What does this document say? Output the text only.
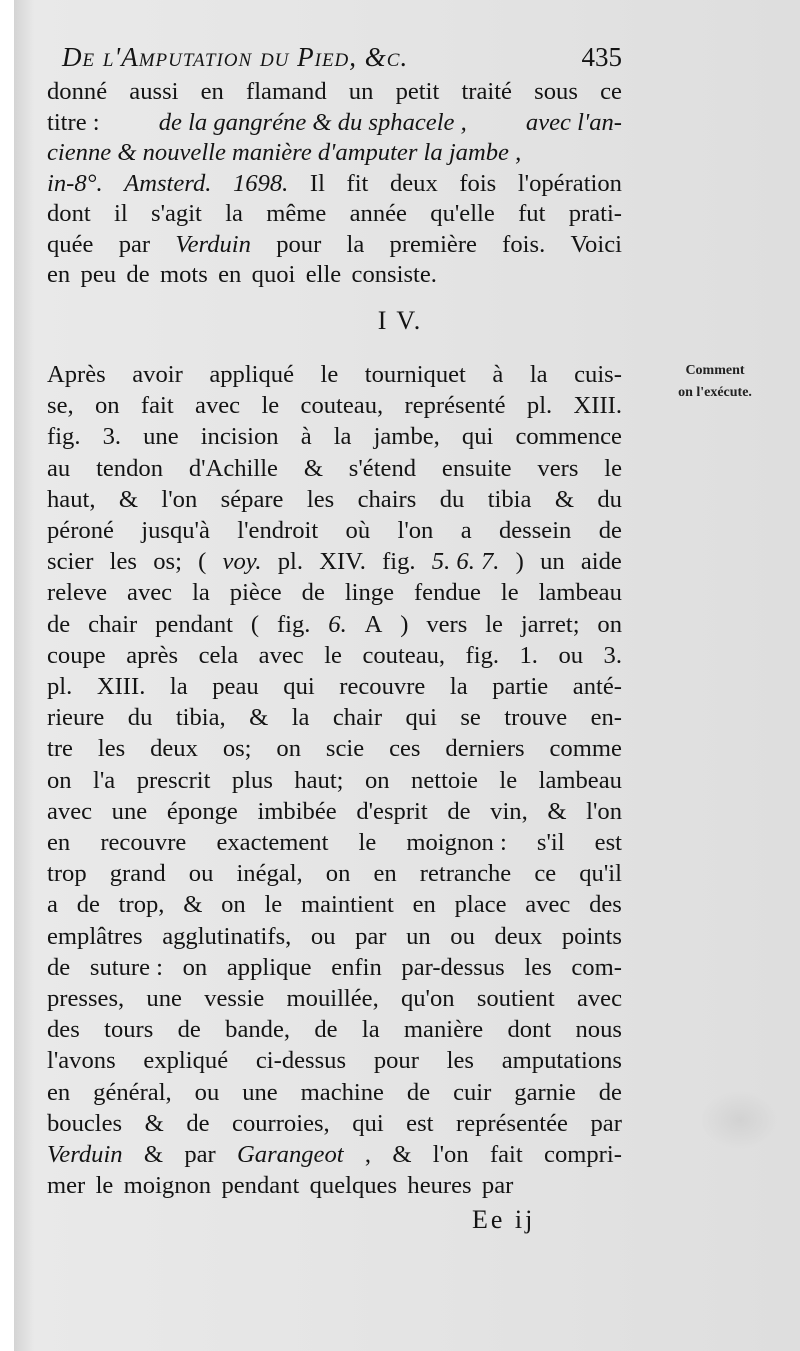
De l'Amputation du Pied, &c.	435
donné aussi en flamand un petit traité sous ce
titre : de la gangréne & du sphacele , avec l'an-
cienne & nouvelle manière d'amputer la jambe ,
in-8°. Amsterd. 1698. Il fit deux fois l'opération
dont il s'agit la même année qu'elle fut prati-
quée par Verduin pour la première fois. Voici
en peu de mots en quoi elle consiste.
I V.
Comment
on l'exécute.
Après avoir appliqué le tourniquet à la cuis-
se, on fait avec le couteau, représenté pl. XIII.
fig. 3. une incision à la jambe, qui commence
au tendon d'Achille & s'étend ensuite vers le
haut, & l'on sépare les chairs du tibia & du
péroné jusqu'à l'endroit où l'on a dessein de
scier les os; ( voy. pl. XIV. fig. 5. 6. 7. ) un aide
releve avec la pièce de linge fendue le lambeau
de chair pendant ( fig. 6. A ) vers le jarret; on
coupe après cela avec le couteau, fig. 1. ou 3.
pl. XIII. la peau qui recouvre la partie anté-
rieure du tibia, & la chair qui se trouve en-
tre les deux os; on scie ces derniers comme
on l'a prescrit plus haut; on nettoie le lambeau
avec une éponge imbibée d'esprit de vin, & l'on
en recouvre exactement le moignon : s'il est
trop grand ou inégal, on en retranche ce qu'il
a de trop, & on le maintient en place avec des
emplâtres agglutinatifs, ou par un ou deux points
de suture : on applique enfin par-dessus les com-
presses, une vessie mouillée, qu'on soutient avec
des tours de bande, de la manière dont nous
l'avons expliqué ci-dessus pour les amputations
en général, ou une machine de cuir garnie de
boucles & de courroies, qui est représentée par
Verduin & par Garangeot , & l'on fait compri-
mer le moignon pendant quelques heures par
Ee ij
